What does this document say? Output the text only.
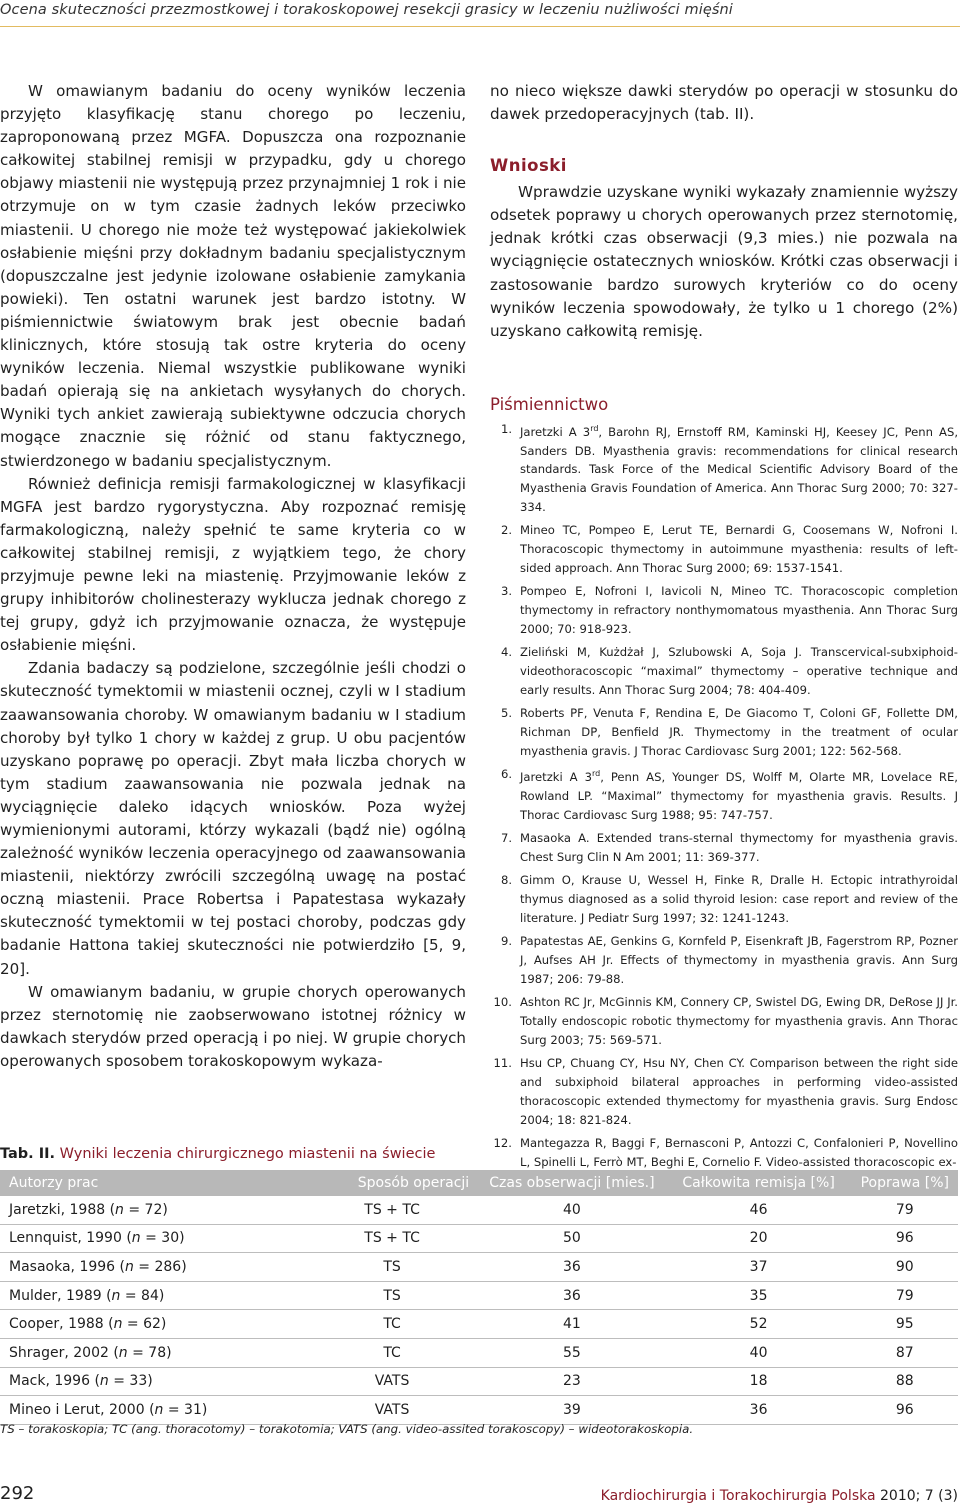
Ocena skuteczności przezmostkowej i torakoskopowej resekcji grasicy w leczeniu nużliwości mięśni

W omawianym badaniu do oceny wyników leczenia przyjęto klasyfikację stanu chorego po leczeniu, zaproponowaną przez MGFA. Dopuszcza ona rozpoznanie całkowitej stabilnej remisji w przypadku, gdy u chorego objawy miastenii nie występują przez przynajmniej 1 rok i nie otrzymuje on w tym czasie żadnych leków przeciwko miastenii. U chorego nie może też występować jakiekolwiek osłabienie mięśni przy dokładnym badaniu specjalistycznym (dopuszczalne jest jedynie izolowane osłabienie zamykania powieki). Ten ostatni warunek jest bardzo istotny. W piśmiennictwie światowym brak jest obecnie badań klinicznych, które stosują tak ostre kryteria do oceny wyników leczenia. Niemal wszystkie publikowane wyniki badań opierają się na ankietach wysyłanych do chorych. Wyniki tych ankiet zawierają subiektywne odczucia chorych mogące znacznie się różnić od stanu faktycznego, stwierdzonego w badaniu specjalistycznym.

Również definicja remisji farmakologicznej w klasyfikacji MGFA jest bardzo rygorystyczna. Aby rozpoznać remisję farmakologiczną, należy spełnić te same kryteria co w całkowitej stabilnej remisji, z wyjątkiem tego, że chory przyjmuje pewne leki na miastenię. Przyjmowanie leków z grupy inhibitorów cholinesterazy wyklucza jednak chorego z tej grupy, gdyż ich przyjmowanie oznacza, że występuje osłabienie mięśni.

Zdania badaczy są podzielone, szczególnie jeśli chodzi o skuteczność tymektomii w miastenii ocznej, czyli w I stadium zaawansowania choroby. W omawianym badaniu w I stadium choroby był tylko 1 chory w każdej z grup. U obu pacjentów uzyskano poprawę po operacji. Zbyt mała liczba chorych w tym stadium zaawansowania nie pozwala jednak na wyciągnięcie daleko idących wniosków. Poza wyżej wymienionymi autorami, którzy wykazali (bądź nie) ogólną zależność wyników leczenia operacyjnego od zaawansowania miastenii, niektórzy zwrócili szczególną uwagę na postać oczną miastenii. Prace Robertsa i Papatestasa wykazały skuteczność tymektomii w tej postaci choroby, podczas gdy badanie Hattona takiej skuteczności nie potwierdziło [5, 9, 20].

W omawianym badaniu, w grupie chorych operowanych przez sternotomię nie zaobserwowano istotnej różnicy w dawkach sterydów przed operacją i po niej. W grupie chorych operowanych sposobem torakoskopowym wykaza-

no nieco większe dawki sterydów po operacji w stosunku do dawek przedoperacyjnych (tab. II).

Wnioski

Wprawdzie uzyskane wyniki wykazały znamiennie wyższy odsetek poprawy u chorych operowanych przez sternotomię, jednak krótki czas obserwacji (9,3 mies.) nie pozwala na wyciągnięcie ostatecznych wniosków. Krótki czas obserwacji i zastosowanie bardzo surowych kryteriów co do oceny wyników leczenia spowodowały, że tylko u 1 chorego (2%) uzyskano całkowitą remisję.

Piśmiennictwo
1. Jaretzki A 3rd, Barohn RJ, Ernstoff RM, Kaminski HJ, Keesey JC, Penn AS, Sanders DB. Myasthenia gravis: recommendations for clinical research standards. Task Force of the Medical Scientific Advisory Board of the Myasthenia Gravis Foundation of America. Ann Thorac Surg 2000; 70: 327-334.
2. Mineo TC, Pompeo E, Lerut TE, Bernardi G, Coosemans W, Nofroni I. Thoracoscopic thymectomy in autoimmune myasthenia: results of left-sided approach. Ann Thorac Surg 2000; 69: 1537-1541.
3. Pompeo E, Nofroni I, Iavicoli N, Mineo TC. Thoracoscopic completion thymectomy in refractory nonthymomatous myasthenia. Ann Thorac Surg 2000; 70: 918-923.
4. Zieliński M, Kużdżał J, Szlubowski A, Soja J. Transcervical-subxiphoid-videothoracoscopic “maximal” thymectomy – operative technique and early results. Ann Thorac Surg 2004; 78: 404-409.
5. Roberts PF, Venuta F, Rendina E, De Giacomo T, Coloni GF, Follette DM, Richman DP, Benfield JR. Thymectomy in the treatment of ocular myasthenia gravis. J Thorac Cardiovasc Surg 2001; 122: 562-568.
6. Jaretzki A 3rd, Penn AS, Younger DS, Wolff M, Olarte MR, Lovelace RE, Rowland LP. “Maximal” thymectomy for myasthenia gravis. Results. J Thorac Cardiovasc Surg 1988; 95: 747-757.
7. Masaoka A. Extended trans-sternal thymectomy for myasthenia gravis. Chest Surg Clin N Am 2001; 11: 369-377.
8. Gimm O, Krause U, Wessel H, Finke R, Dralle H. Ectopic intrathyroidal thymus diagnosed as a solid thyroid lesion: case report and review of the literature. J Pediatr Surg 1997; 32: 1241-1243.
9. Papatestas AE, Genkins G, Kornfeld P, Eisenkraft JB, Fagerstrom RP, Pozner J, Aufses AH Jr. Effects of thymectomy in myasthenia gravis. Ann Surg 1987; 206: 79-88.
10. Ashton RC Jr, McGinnis KM, Connery CP, Swistel DG, Ewing DR, DeRose JJ Jr. Totally endoscopic robotic thymectomy for myasthenia gravis. Ann Thorac Surg 2003; 75: 569-571.
11. Hsu CP, Chuang CY, Hsu NY, Chen CY. Comparison between the right side and subxiphoid bilateral approaches in performing video-assisted thoracoscopic extended thymectomy for myasthenia gravis. Surg Endosc 2004; 18: 821-824.
12. Mantegazza R, Baggi F, Bernasconi P, Antozzi C, Confalonieri P, Novellino L, Spinelli L, Ferrò MT, Beghi E, Cornelio F. Video-assisted thoracoscopic ex-
Tab. II. Wyniki leczenia chirurgicznego miastenii na świecie
Autorzy prac	Sposób operacji	Czas obserwacji [mies.]	Całkowita remisja [%]	Poprawa [%]
Jaretzki, 1988 (n = 72)	TS + TC	40	46	79
Lennquist, 1990 (n = 30)	TS + TC	50	20	96
Masaoka, 1996 (n = 286)	TS	36	37	90
Mulder, 1989 (n = 84)	TS	36	35	79
Cooper, 1988 (n = 62)	TC	41	52	95
Shrager, 2002 (n = 78)	TC	55	40	87
Mack, 1996 (n = 33)	VATS	23	18	88
Mineo i Lerut, 2000 (n = 31)	VATS	39	36	96
TS – torakoskopia; TC (ang. thoracotomy) – torakotomia; VATS (ang. video-assited torakoscopy) – wideotorakoskopia.
292	Kardiochirurgia i Torakochirurgia Polska 2010; 7 (3)
